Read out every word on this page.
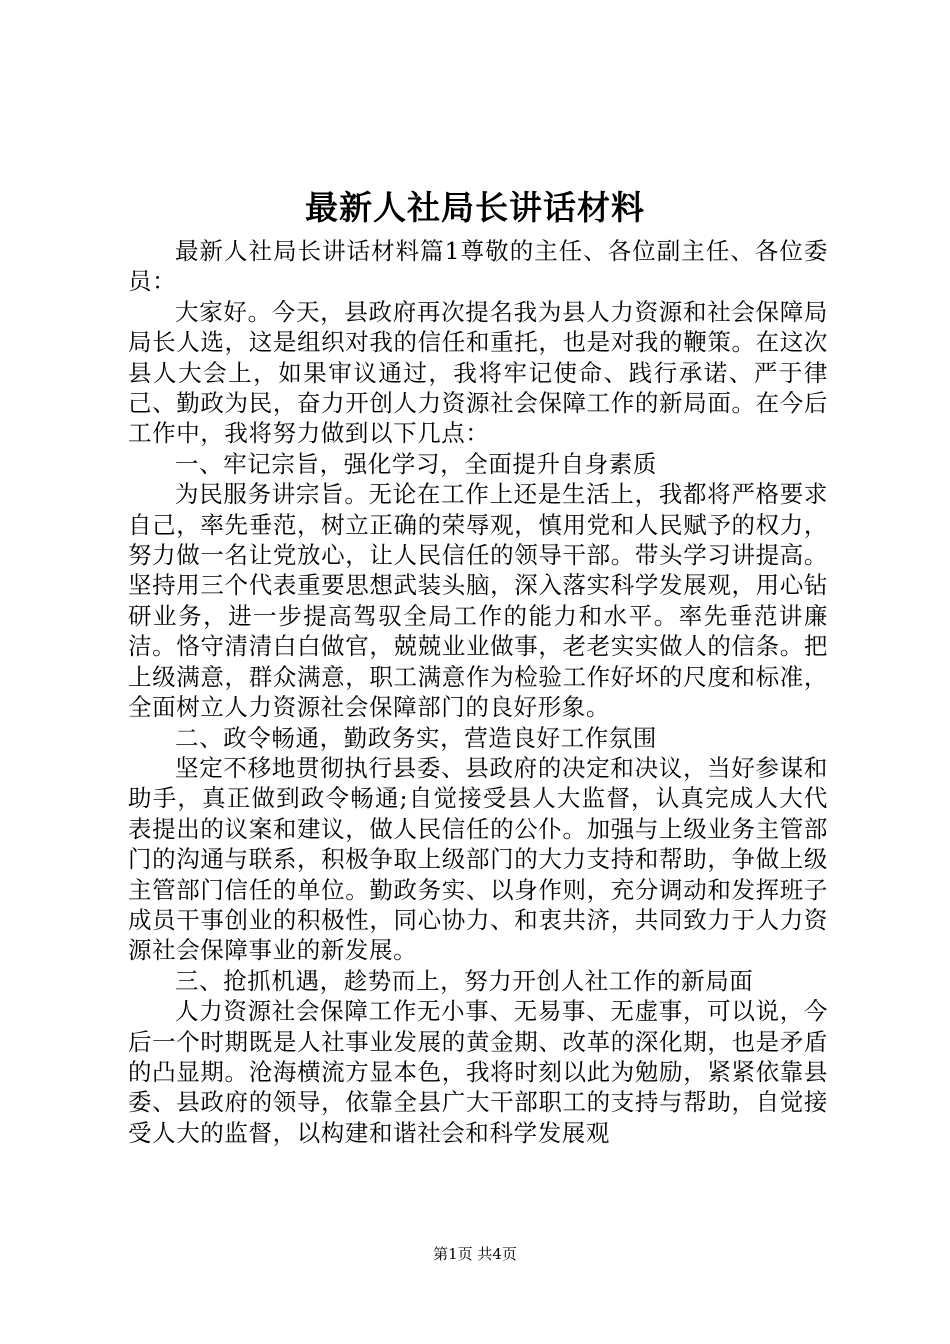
最新人社局长讲话材料

最新人社局长讲话材料篇1尊敬的主任、各位副主任、各位委员：

大家好。今天，县政府再次提名我为县人力资源和社会保障局局长人选，这是组织对我的信任和重托，也是对我的鞭策。在这次县人大会上，如果审议通过，我将牢记使命、践行承诺、严于律己、勤政为民，奋力开创人力资源社会保障工作的新局面。在今后工作中，我将努力做到以下几点：

一、牢记宗旨，强化学习，全面提升自身素质

为民服务讲宗旨。无论在工作上还是生活上，我都将严格要求自己，率先垂范，树立正确的荣辱观，慎用党和人民赋予的权力，努力做一名让党放心，让人民信任的领导干部。带头学习讲提高。坚持用三个代表重要思想武装头脑，深入落实科学发展观，用心钻研业务，进一步提高驾驭全局工作的能力和水平。率先垂范讲廉洁。恪守清清白白做官，兢兢业业做事，老老实实做人的信条。把上级满意，群众满意，职工满意作为检验工作好坏的尺度和标准，全面树立人力资源社会保障部门的良好形象。

二、政令畅通，勤政务实，营造良好工作氛围

坚定不移地贯彻执行县委、县政府的决定和决议，当好参谋和助手，真正做到政令畅通;自觉接受县人大监督，认真完成人大代表提出的议案和建议，做人民信任的公仆。加强与上级业务主管部门的沟通与联系，积极争取上级部门的大力支持和帮助，争做上级主管部门信任的单位。勤政务实、以身作则，充分调动和发挥班子成员干事创业的积极性，同心协力、和衷共济，共同致力于人力资源社会保障事业的新发展。

三、抢抓机遇，趁势而上，努力开创人社工作的新局面

人力资源社会保障工作无小事、无易事、无虚事，可以说，今后一个时期既是人社事业发展的黄金期、改革的深化期，也是矛盾的凸显期。沧海横流方显本色，我将时刻以此为勉励，紧紧依靠县委、县政府的领导，依靠全县广大干部职工的支持与帮助，自觉接受人大的监督，以构建和谐社会和科学发展观

第1页 共4页
